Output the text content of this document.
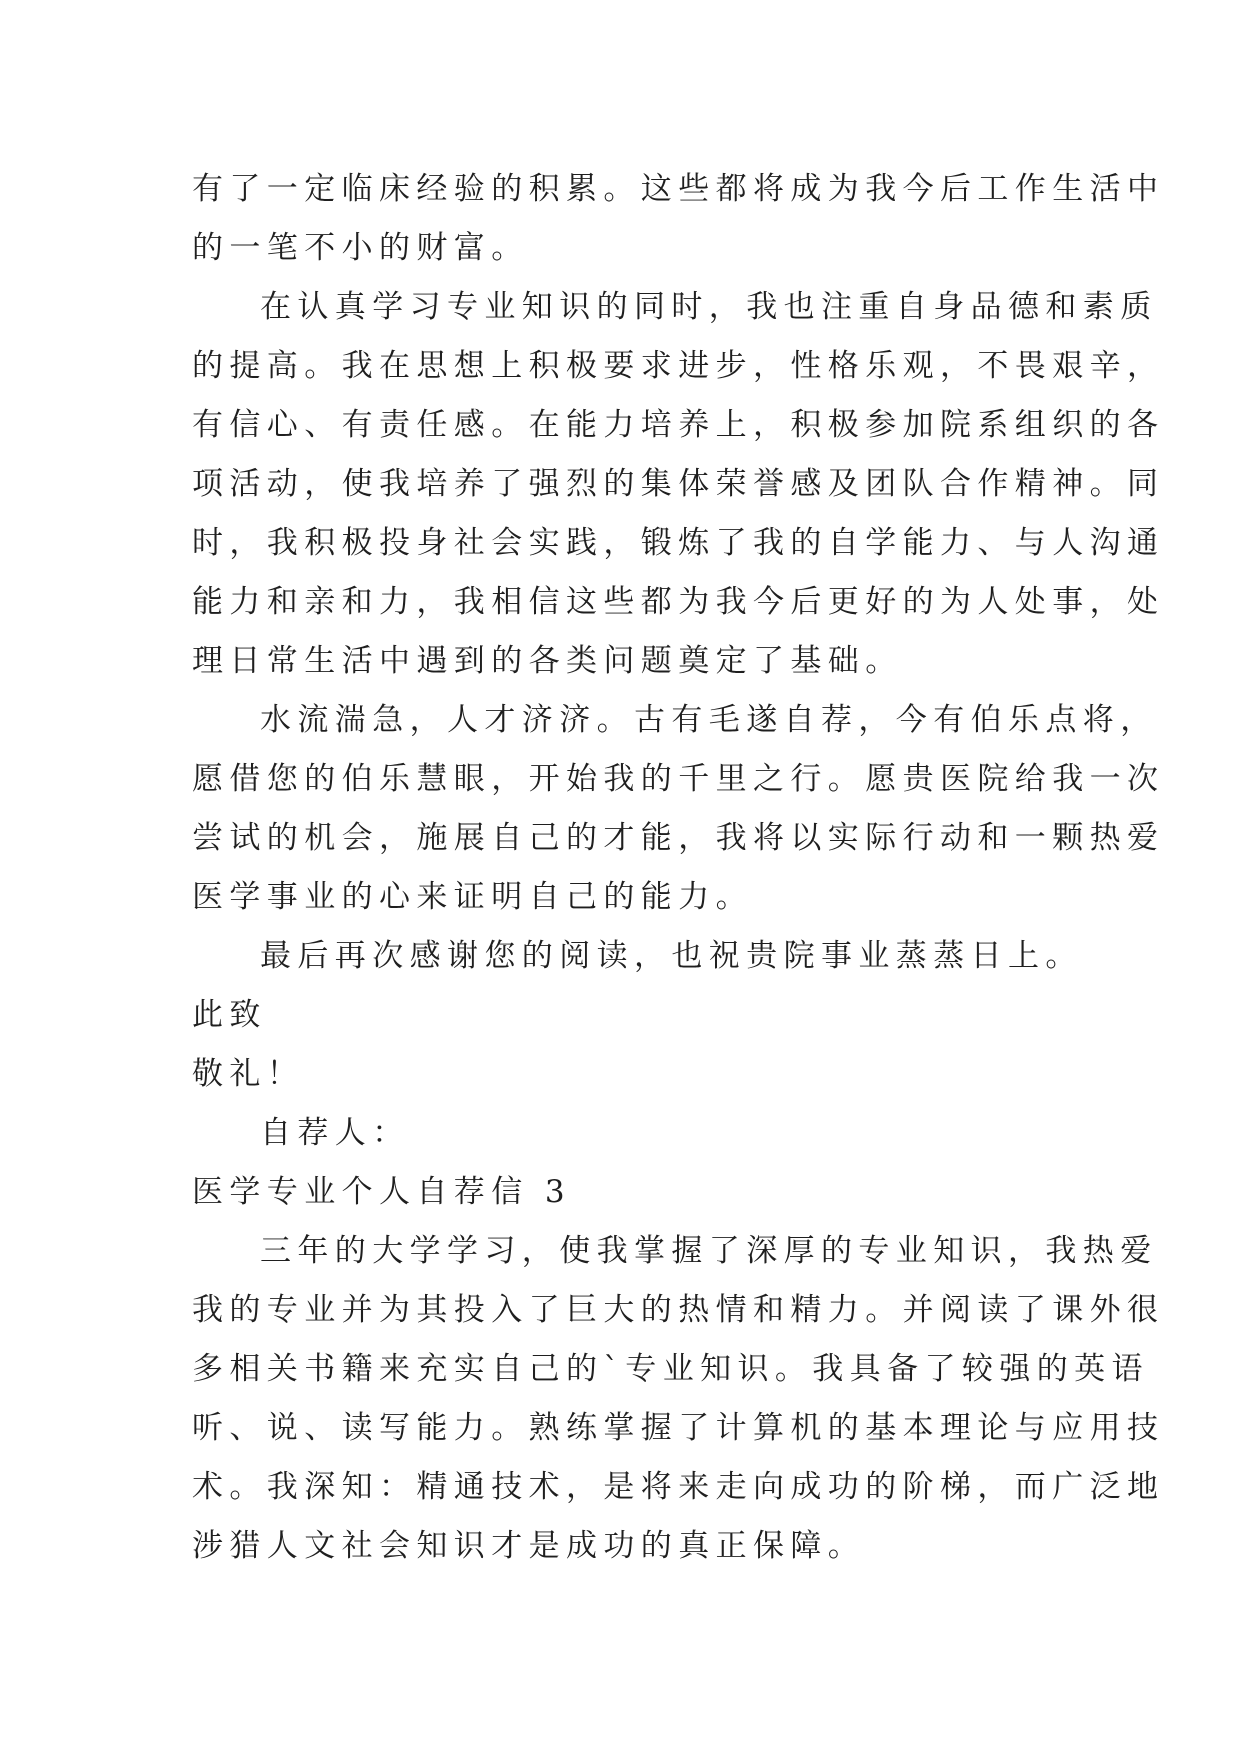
有了一定临床经验的积累。这些都将成为我今后工作生活中
的一笔不小的财富。
在认真学习专业知识的同时，我也注重自身品德和素质
的提高。我在思想上积极要求进步，性格乐观，不畏艰辛，
有信心、有责任感。在能力培养上，积极参加院系组织的各
项活动，使我培养了强烈的集体荣誉感及团队合作精神。同
时，我积极投身社会实践，锻炼了我的自学能力、与人沟通
能力和亲和力，我相信这些都为我今后更好的为人处事，处
理日常生活中遇到的各类问题奠定了基础。
水流湍急，人才济济。古有毛遂自荐，今有伯乐点将，
愿借您的伯乐慧眼，开始我的千里之行。愿贵医院给我一次
尝试的机会，施展自己的才能，我将以实际行动和一颗热爱
医学事业的心来证明自己的能力。
最后再次感谢您的阅读，也祝贵院事业蒸蒸日上。
此致
敬礼！
自荐人：
医学专业个人自荐信 3
三年的大学学习，使我掌握了深厚的专业知识，我热爱
我的专业并为其投入了巨大的热情和精力。并阅读了课外很
多相关书籍来充实自己的`专业知识。我具备了较强的英语
听、说、读写能力。熟练掌握了计算机的基本理论与应用技
术。我深知：精通技术，是将来走向成功的阶梯，而广泛地
涉猎人文社会知识才是成功的真正保障。
